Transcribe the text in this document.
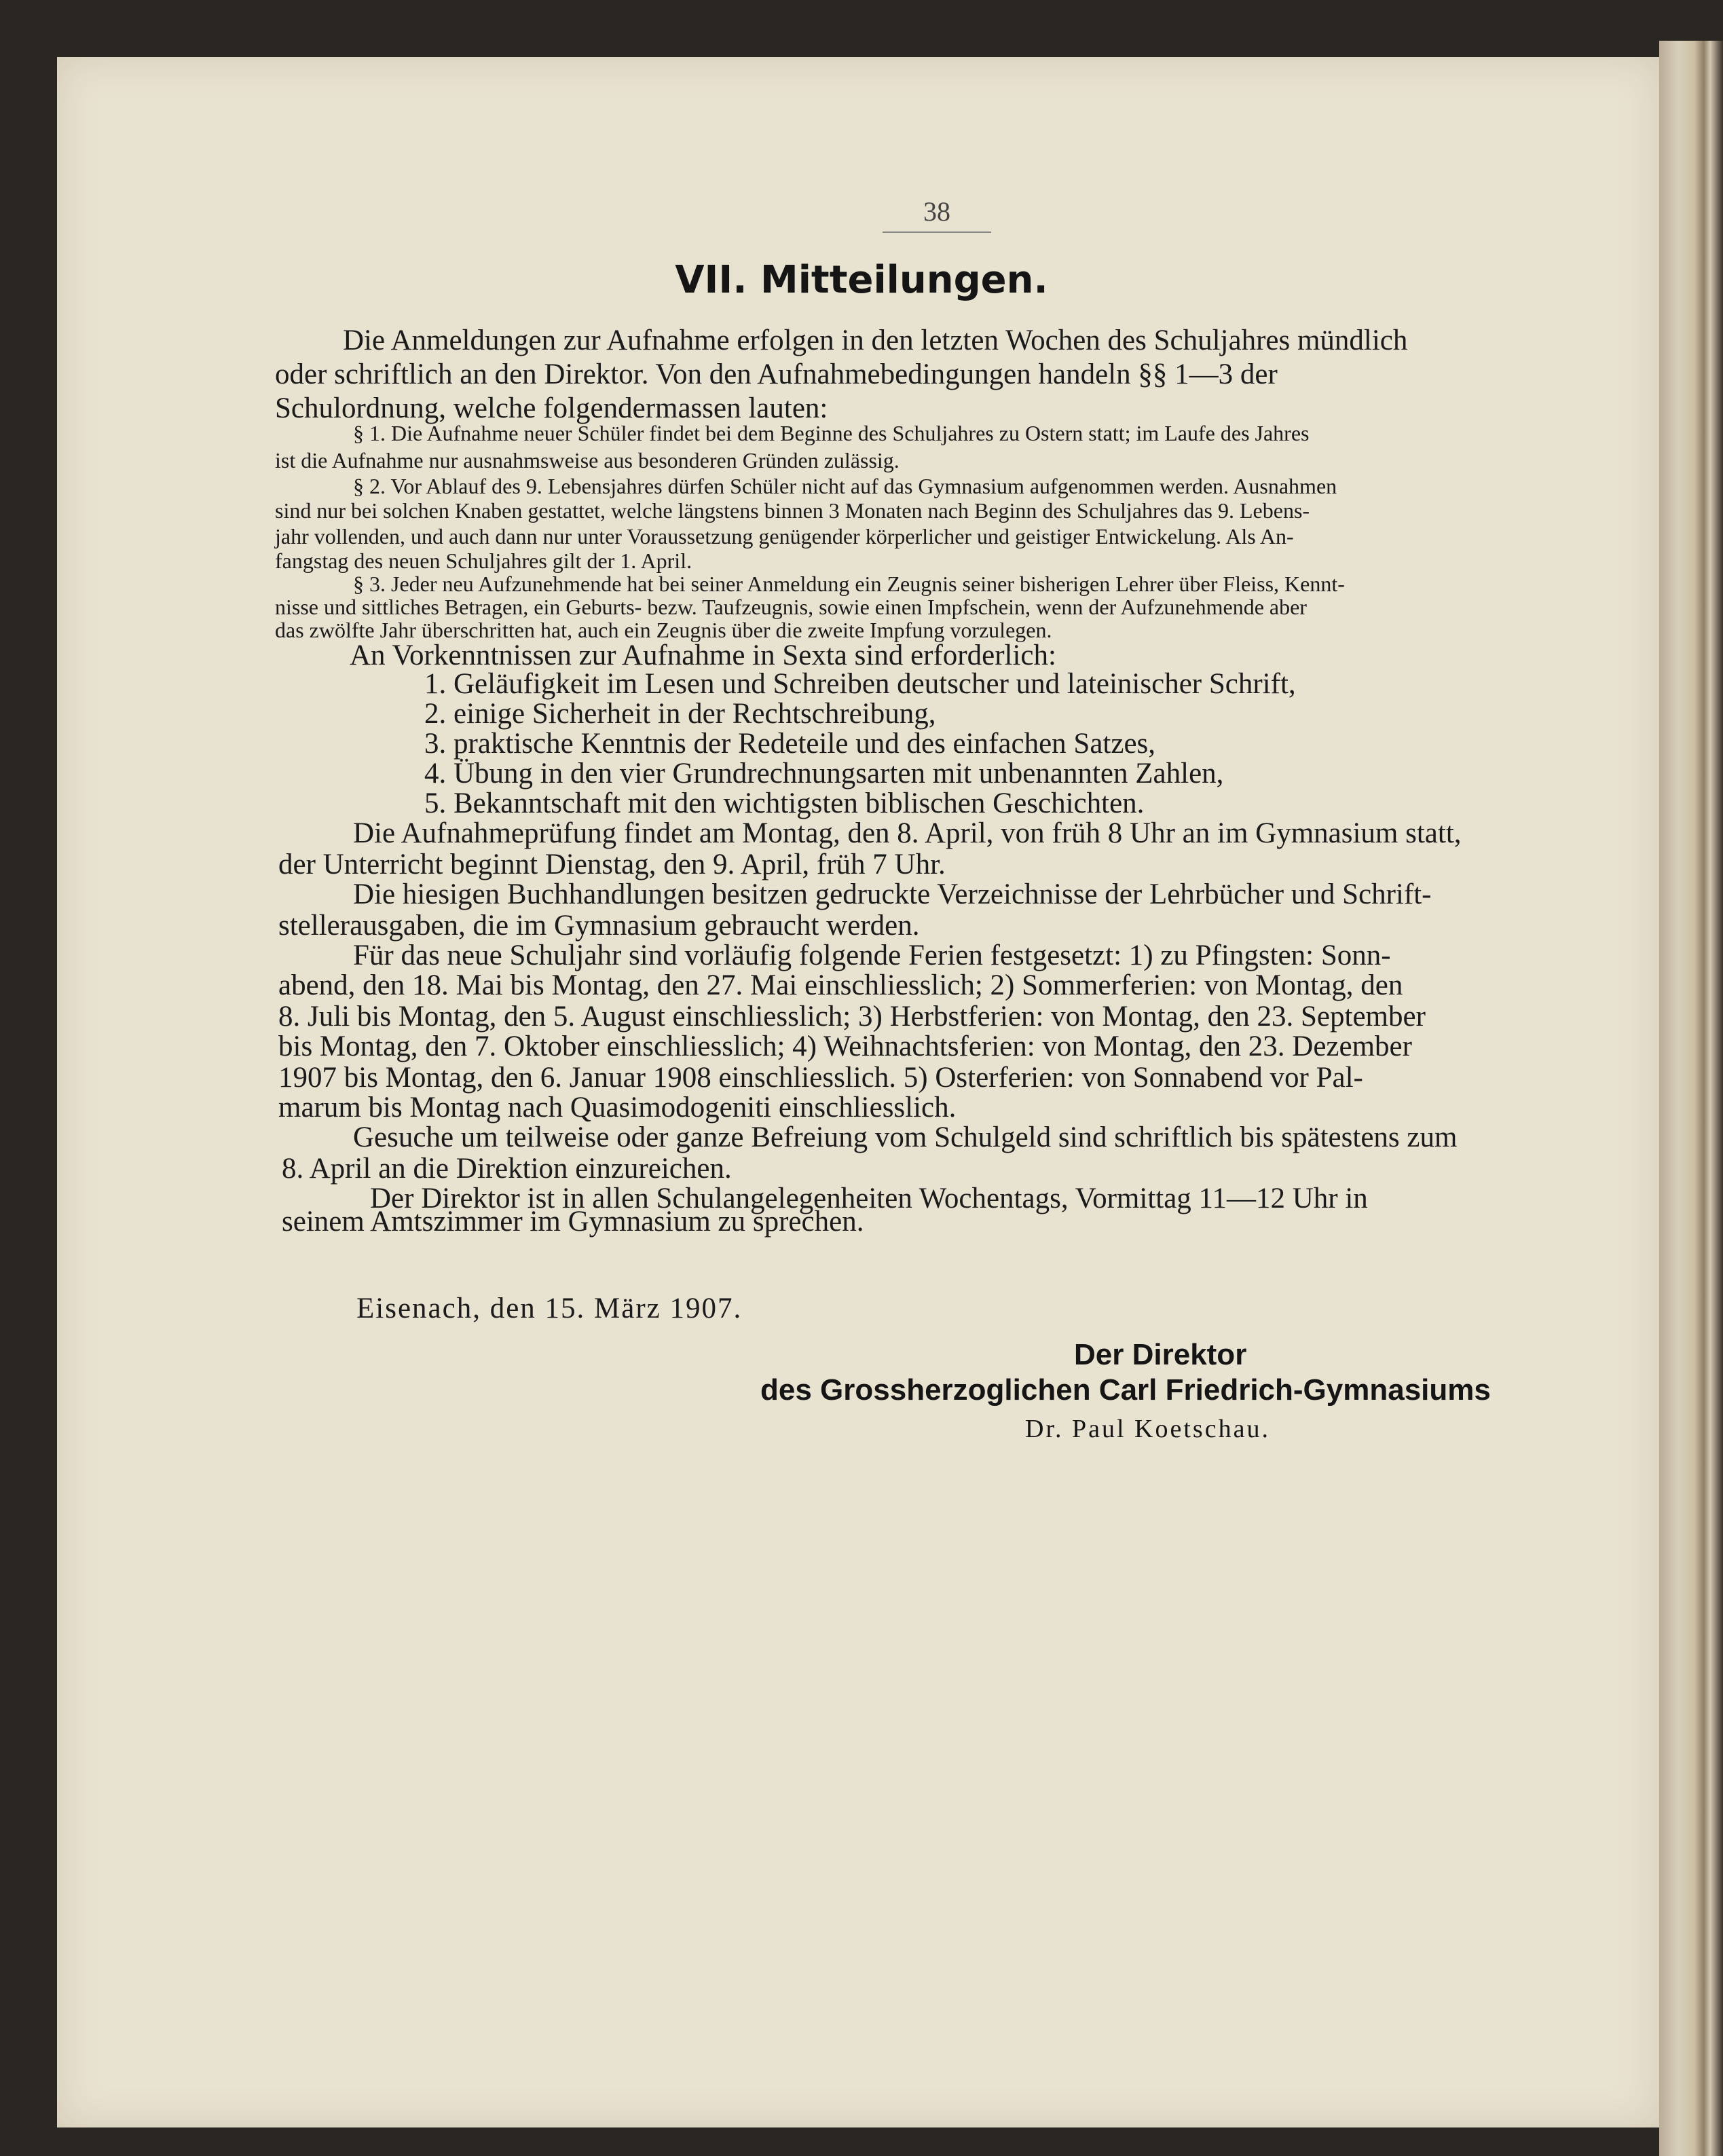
38
VII. Mitteilungen.
Die Anmeldungen zur Aufnahme erfolgen in den letzten Wochen des Schuljahres mündlich
oder schriftlich an den Direktor. Von den Aufnahmebedingungen handeln §§ 1—3 der
Schulordnung, welche folgendermassen lauten:
§ 1. Die Aufnahme neuer Schüler findet bei dem Beginne des Schuljahres zu Ostern statt; im Laufe des Jahres
ist die Aufnahme nur ausnahmsweise aus besonderen Gründen zulässig.
§ 2. Vor Ablauf des 9. Lebensjahres dürfen Schüler nicht auf das Gymnasium aufgenommen werden. Ausnahmen
sind nur bei solchen Knaben gestattet, welche längstens binnen 3 Monaten nach Beginn des Schuljahres das 9. Lebens-
jahr vollenden, und auch dann nur unter Voraussetzung genügender körperlicher und geistiger Entwickelung. Als An-
fangstag des neuen Schuljahres gilt der 1. April.
§ 3. Jeder neu Aufzunehmende hat bei seiner Anmeldung ein Zeugnis seiner bisherigen Lehrer über Fleiss, Kennt-
nisse und sittliches Betragen, ein Geburts- bezw. Taufzeugnis, sowie einen Impfschein, wenn der Aufzunehmende aber
das zwölfte Jahr überschritten hat, auch ein Zeugnis über die zweite Impfung vorzulegen.
An Vorkenntnissen zur Aufnahme in Sexta sind erforderlich:
1. Geläufigkeit im Lesen und Schreiben deutscher und lateinischer Schrift,
2. einige Sicherheit in der Rechtschreibung,
3. praktische Kenntnis der Redeteile und des einfachen Satzes,
4. Übung in den vier Grundrechnungsarten mit unbenannten Zahlen,
5. Bekanntschaft mit den wichtigsten biblischen Geschichten.
Die Aufnahmeprüfung findet am Montag, den 8. April, von früh 8 Uhr an im Gymnasium statt,
der Unterricht beginnt Dienstag, den 9. April, früh 7 Uhr.
Die hiesigen Buchhandlungen besitzen gedruckte Verzeichnisse der Lehrbücher und Schrift-
stellerausgaben, die im Gymnasium gebraucht werden.
Für das neue Schuljahr sind vorläufig folgende Ferien festgesetzt: 1) zu Pfingsten: Sonn-
abend, den 18. Mai bis Montag, den 27. Mai einschliesslich; 2) Sommerferien: von Montag, den
8. Juli bis Montag, den 5. August einschliesslich; 3) Herbstferien: von Montag, den 23. September
bis Montag, den 7. Oktober einschliesslich; 4) Weihnachtsferien: von Montag, den 23. Dezember
1907 bis Montag, den 6. Januar 1908 einschliesslich. 5) Osterferien: von Sonnabend vor Pal-
marum bis Montag nach Quasimodogeniti einschliesslich.
Gesuche um teilweise oder ganze Befreiung vom Schulgeld sind schriftlich bis spätestens zum
8. April an die Direktion einzureichen.
Der Direktor ist in allen Schulangelegenheiten Wochentags, Vormittag 11—12 Uhr in
seinem Amtszimmer im Gymnasium zu sprechen.
Eisenach, den 15. März 1907.
Der Direktor
des Grossherzoglichen Carl Friedrich-Gymnasiums
Dr. Paul Koetschau.
